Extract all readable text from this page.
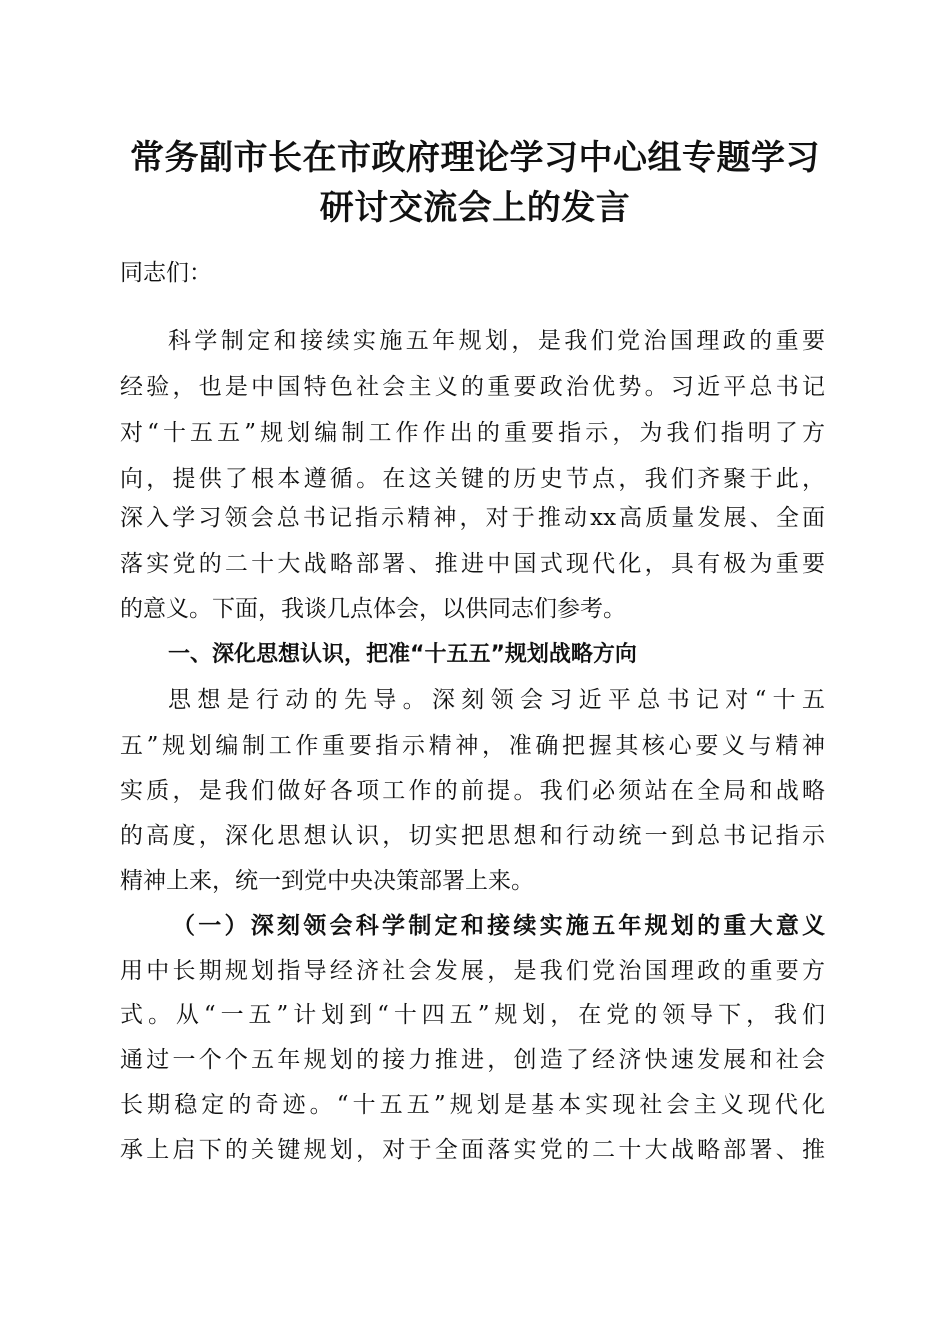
常务副市长在市政府理论学习中心组专题学习
研讨交流会上的发言
同志们：
科学制定和接续实施五年规划，是我们党治国理政的重要
经验，也是中国特色社会主义的重要政治优势。习近平总书记
对“十五五”规划编制工作作出的重要指示，为我们指明了方
向，提供了根本遵循。在这关键的历史节点，我们齐聚于此，
深入学习领会总书记指示精神，对于推动xx高质量发展、全面
落实党的二十大战略部署、推进中国式现代化，具有极为重要
的意义。下面，我谈几点体会，以供同志们参考。
一、深化思想认识，把准“十五五”规划战略方向
思想是行动的先导。深刻领会习近平总书记对“十五
五”规划编制工作重要指示精神，准确把握其核心要义与精神
实质，是我们做好各项工作的前提。我们必须站在全局和战略
的高度，深化思想认识，切实把思想和行动统一到总书记指示
精神上来，统一到党中央决策部署上来。
（一）深刻领会科学制定和接续实施五年规划的重大意义
用中长期规划指导经济社会发展，是我们党治国理政的重要方
式。从“一五”计划到“十四五”规划，在党的领导下，我们
通过一个个五年规划的接力推进，创造了经济快速发展和社会
长期稳定的奇迹。“十五五”规划是基本实现社会主义现代化
承上启下的关键规划，对于全面落实党的二十大战略部署、推
